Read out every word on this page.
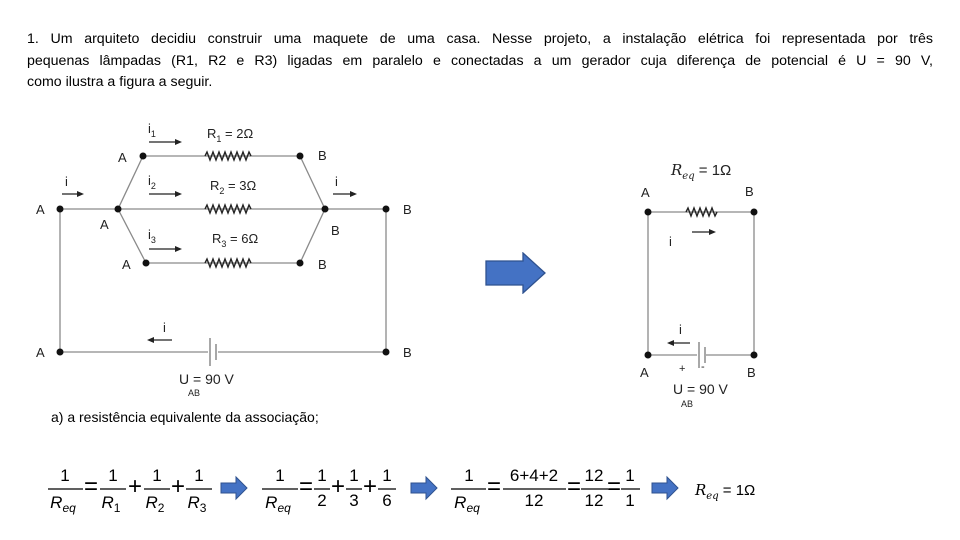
1. Um arquiteto decidiu construir uma maquete de uma casa. Nesse projeto, a instalação elétrica foi representada por três
pequenas lâmpadas (R1, R2 e R3) ligadas em paralelo e conectadas a um gerador cuja diferença de potencial é U = 90 V,
como ilustra a figura a seguir.
$i_1$	$R_1 = 2\Omega$
$i_2$	$R_2 = 3\Omega$
$i_3$	$R_3 = 6\Omega$
A	B
A
A
B
B
A	B
i	i
i
A	B
U = 90 V
AB
a) a resistência equivalente da associação;
$R_{eq} = 1\Omega$
A	B
i
i
+ -
A	B
U = 90 V
AB
1
$R_{eq}$
= 1
$R_1$
+ 1
$R_2$
+ 1
$R_3$
1
$R_{eq}$
= 1
2
+ 1
3
+ 1
6
1
$R_{eq}$
= 6+4+2
12
= 12
12
= 1
1
$R_{eq} = 1\Omega$
